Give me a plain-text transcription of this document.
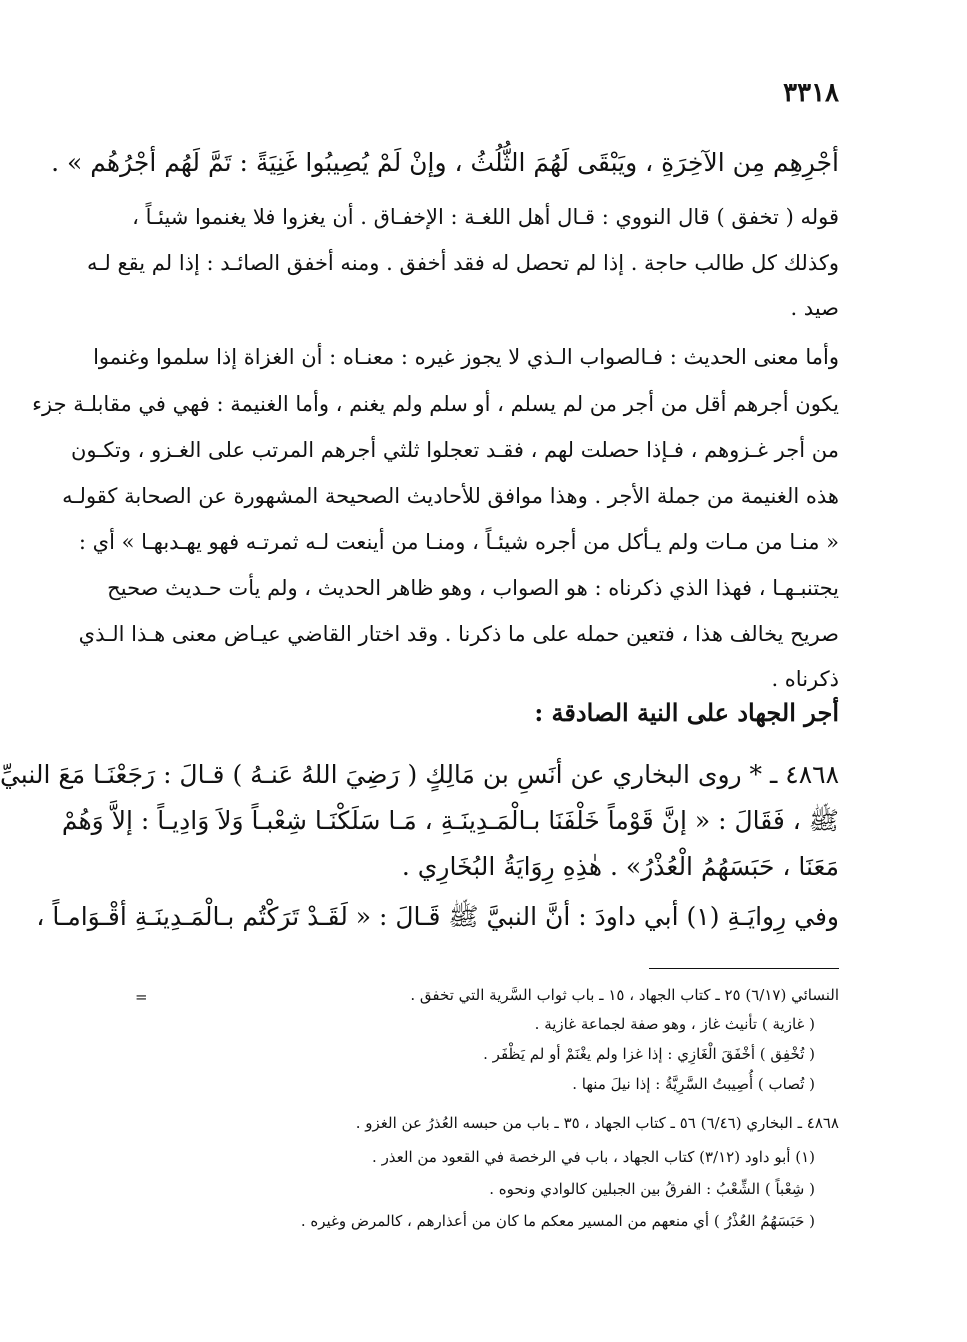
٣٣١٨
أجْرِهِم مِن الآخِرَةِ ، ويَبْقَى لَهُمَ الثُّلُثُ ، وإنْ لَمْ يُصِيبُوا غَنِيَةً : تَمَّ لَهُم أجْرُهُم » .
قوله ( تخفق ) قال النووي : قـال أهل اللغـة : الإخفـاق . أن يغزوا فلا يغنموا شيئـاً ،
وكذلك كل طالب حاجة . إذا لم تحصل له فقد أخفق . ومنه أخفق الصائـد : إذا لم يقع لـه
صيد .
وأما معنى الحديث : فـالصواب الـذي لا يجوز غيره : معنـاه : أن الغزاة إذا سلموا وغنموا
يكون أجرهم أقل من أجر من لم يسلم ، أو سلم ولم يغنم ، وأما الغنيمة : فهي في مقابلـة جزء
من أجر غـزوهم ، فـإذا حصلت لهم ، فقـد تعجلوا ثلثي أجرهم المرتب على الغـزو ، وتكـون
هذه الغنيمة من جملة الأجر . وهذا موافق للأحاديث الصحيحة المشهورة عن الصحابة كقولـه
« منـا من مـات ولم يـأكل من أجره شيئـاً ، ومنـا من أينعت لـه ثمرتـه فهو يهـدبهـا » أي :
يجتنبـهـا ، فهذا الذي ذكرناه : هو الصواب ، وهو ظاهر الحديث ، ولم يأت حـديث صحيح
صريح يخالف هذا ، فتعين حمله على ما ذكرنا . وقد اختار القاضي عيـاض معنى هـذا الـذي
ذكرناه .
أجر الجهاد على النية الصادقة :
٤٨٦٨ ـ * روى البخاري عن أنَسِ بن مَالِكٍ ( رَضِيَ اللهُ عَنـهُ ) قـالَ : رَجَعْنَـا مَعَ النبيِّ
ﷺ ، فَقَالَ : « إنَّ قَوْماً خَلْفَنَا بـالْمَـدِينَـةِ ، مَـا سَلَكْنَـا شِعْبـاً وَلاَ وَادِيـاً : إلاَّ وَهُمْ
مَعَنَا ، حَبَسَهُمُ الْعُذْرُ» . هٰذِهِ رِوَايَةُ البُخَارِي .
وفي رِوايَـةِ (١) أبي داودَ : أنَّ النبيَّ ﷺ قَـالَ : « لَقَـدْ تَرَكْتُم بـالْمَـدِينَـةِ أقْـوَامـاً ،
=	النسائي (٦/١٧) ٢٥ ـ كتاب الجهاد ، ١٥ ـ باب ثواب السَّرية التي تخفق .
( غازية ) تأنيث غاز ، وهو صفة لجماعة غازية .
( تُخْفِق ) أخْفَقَ الْغَازِي : إذا غزا ولم يغْنَمْ أو لم يَظْفَر .
( تُصاب ) أُصِيبتُ السَّرِيَّةُ : إذا نيلَ منها .
٤٨٦٨ ـ البخاري (٦/٤٦) ٥٦ ـ كتاب الجهاد ، ٣٥ ـ باب من حبسه العُذرُ عن الغزو .
(١) أبو داود (٣/١٢) كتاب الجهاد ، باب في الرخصة في القعود من العذر .
( شِعْباً ) الشِّعْبُ : الفرقُ بين الجبلين كالوادي ونحوه .
( حَبَسَهُمُ العُذْرُ ) أي منعهم من المسير معكم ما كان من أعذارهم ، كالمرض وغيره .
